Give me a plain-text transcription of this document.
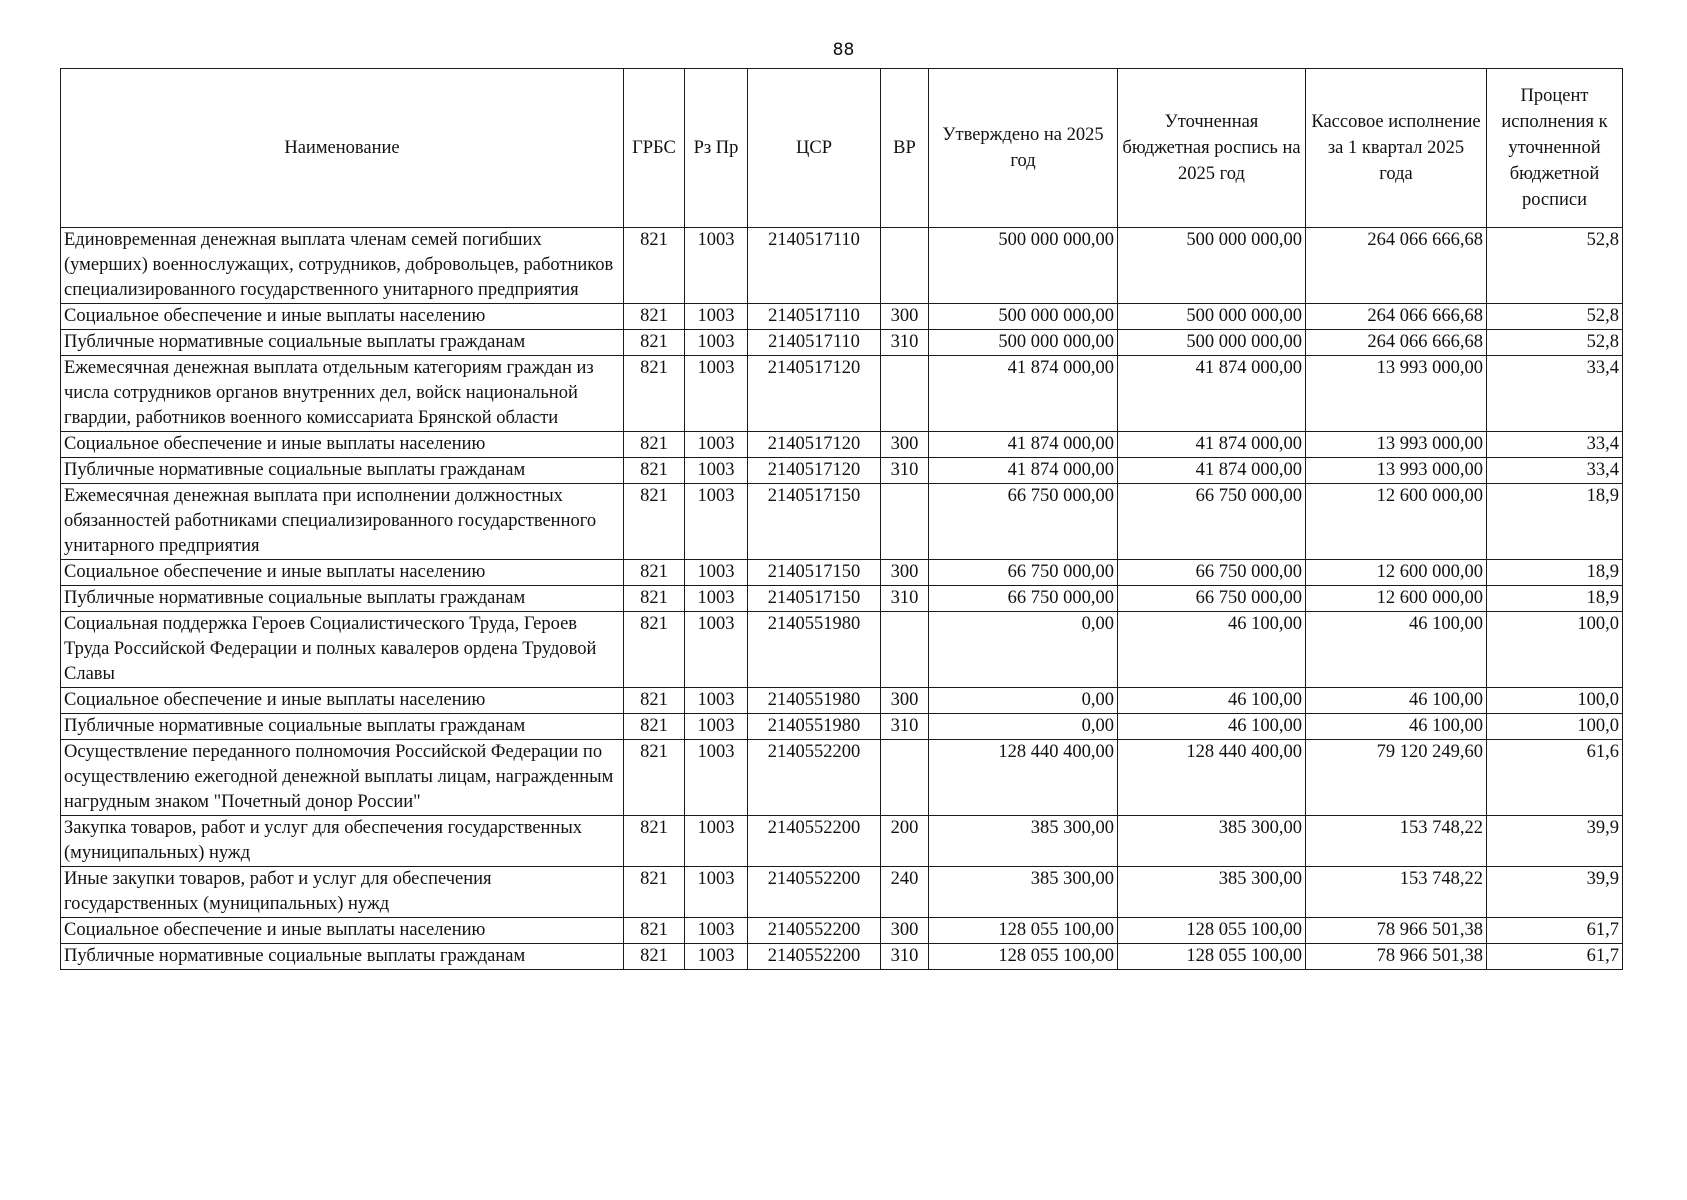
88
Наименование	ГРБС	Рз Пр	ЦСР	ВР	Утверждено на 2025 год	Уточненная бюджетная роспись на 2025 год	Кассовое исполнение за 1 квартал 2025 года	Процент исполнения к уточненной бюджетной росписи
Единовременная денежная выплата членам семей погибших (умерших) военнослужащих, сотрудников, добровольцев, работников специализированного государственного унитарного предприятия	821	1003	2140517110		500 000 000,00	500 000 000,00	264 066 666,68	52,8
Социальное обеспечение и иные выплаты населению	821	1003	2140517110	300	500 000 000,00	500 000 000,00	264 066 666,68	52,8
Публичные нормативные социальные выплаты гражданам	821	1003	2140517110	310	500 000 000,00	500 000 000,00	264 066 666,68	52,8
Ежемесячная денежная выплата отдельным категориям граждан из числа сотрудников органов внутренних дел, войск национальной гвардии, работников военного комиссариата Брянской области	821	1003	2140517120		41 874 000,00	41 874 000,00	13 993 000,00	33,4
Социальное обеспечение и иные выплаты населению	821	1003	2140517120	300	41 874 000,00	41 874 000,00	13 993 000,00	33,4
Публичные нормативные социальные выплаты гражданам	821	1003	2140517120	310	41 874 000,00	41 874 000,00	13 993 000,00	33,4
Ежемесячная денежная выплата при исполнении должностных обязанностей работниками специализированного государственного унитарного предприятия	821	1003	2140517150		66 750 000,00	66 750 000,00	12 600 000,00	18,9
Социальное обеспечение и иные выплаты населению	821	1003	2140517150	300	66 750 000,00	66 750 000,00	12 600 000,00	18,9
Публичные нормативные социальные выплаты гражданам	821	1003	2140517150	310	66 750 000,00	66 750 000,00	12 600 000,00	18,9
Социальная поддержка Героев Социалистического Труда, Героев Труда Российской Федерации и полных кавалеров ордена Трудовой Славы	821	1003	2140551980		0,00	46 100,00	46 100,00	100,0
Социальное обеспечение и иные выплаты населению	821	1003	2140551980	300	0,00	46 100,00	46 100,00	100,0
Публичные нормативные социальные выплаты гражданам	821	1003	2140551980	310	0,00	46 100,00	46 100,00	100,0
Осуществление переданного полномочия Российской Федерации по осуществлению ежегодной денежной выплаты лицам, награжденным нагрудным знаком "Почетный донор России"	821	1003	2140552200		128 440 400,00	128 440 400,00	79 120 249,60	61,6
Закупка товаров, работ и услуг для обеспечения государственных (муниципальных) нужд	821	1003	2140552200	200	385 300,00	385 300,00	153 748,22	39,9
Иные закупки товаров, работ и услуг для обеспечения государственных (муниципальных) нужд	821	1003	2140552200	240	385 300,00	385 300,00	153 748,22	39,9
Социальное обеспечение и иные выплаты населению	821	1003	2140552200	300	128 055 100,00	128 055 100,00	78 966 501,38	61,7
Публичные нормативные социальные выплаты гражданам	821	1003	2140552200	310	128 055 100,00	128 055 100,00	78 966 501,38	61,7
